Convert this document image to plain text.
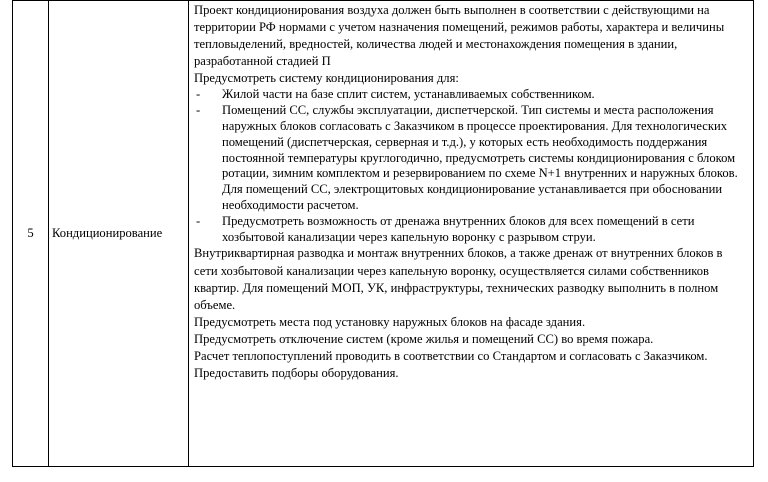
5	Кондиционирование	

Проект кондиционирования воздуха должен быть выполнен в соответствии с действующими на территории РФ нормами с учетом назначения помещений, режимов работы, характера и величины тепловыделений, вредностей, количества людей и местонахождения помещения в здании, разработанной стадией П

Предусмотреть систему кондиционирования для:

-	Жилой части на базе сплит систем, устанавливаемых собственником.
-	Помещений СС, службы эксплуатации, диспетчерской. Тип системы и места расположения наружных блоков согласовать с Заказчиком в процессе проектирования. Для технологических помещений (диспетчерская, серверная и т.д.), у которых есть необходимость поддержания постоянной температуры круглогодично, предусмотреть системы кондиционирования с блоком ротации, зимним комплектом и резервированием по схеме N+1 внутренних и наружных блоков. Для помещений СС, электрощитовых кондиционирование устанавливается при обосновании необходимости расчетом.
-	Предусмотреть возможность от дренажа внутренних блоков для всех помещений в сети хозбытовой канализации через капельную воронку с разрывом струи.

Внутриквартирная разводка и монтаж внутренних блоков, а также дренаж от внутренних блоков в сети хозбытовой канализации через капельную воронку, осуществляется силами собственников квартир. Для помещений МОП, УК, инфраструктуры, технических разводку выполнить в полном объеме.

Предусмотреть места под установку наружных блоков на фасаде здания.

Предусмотреть отключение систем (кроме жилья и помещений СС) во время пожара.

Расчет теплопоступлений проводить в соответствии со Стандартом и согласовать с Заказчиком.

Предоставить подборы оборудования.
